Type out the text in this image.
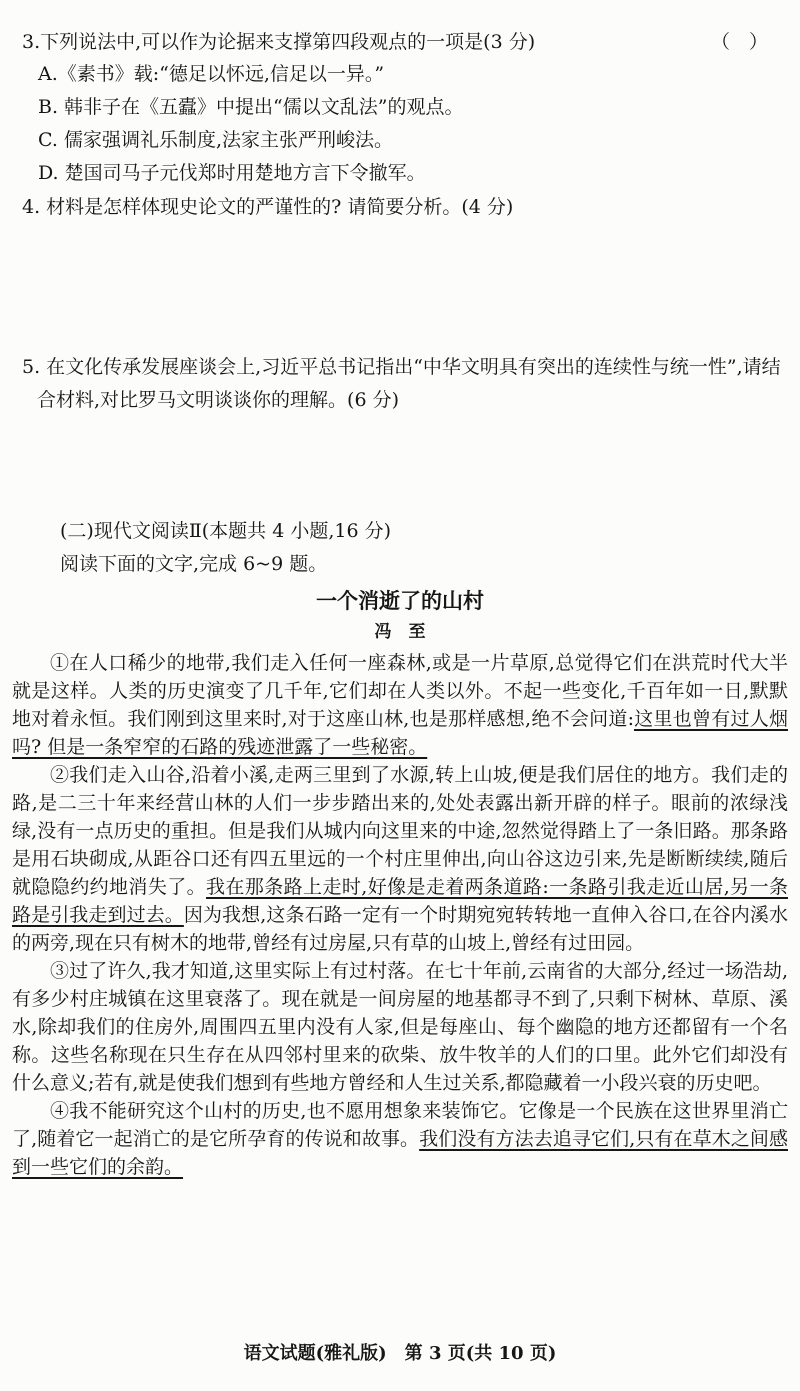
3.下列说法中,可以作为论据来支撑第四段观点的一项是(3 分)	（　）
A.《素书》载:“德足以怀远,信足以一异。”
B. 韩非子在《五蠹》中提出“儒以文乱法”的观点。
C. 儒家强调礼乐制度,法家主张严刑峻法。
D. 楚国司马子元伐郑时用楚地方言下令撤军。
4. 材料是怎样体现史论文的严谨性的? 请简要分析。(4 分)
5. 在文化传承发展座谈会上,习近平总书记指出“中华文明具有突出的连续性与统一性”,请结合材料,对比罗马文明谈谈你的理解。(6 分)
(二)现代文阅读Ⅱ(本题共 4 小题,16 分)
阅读下面的文字,完成 6~9 题。
一个消逝了的山村
冯　至

①在人口稀少的地带,我们走入任何一座森林,或是一片草原,总觉得它们在洪荒时代大半就是这样。人类的历史演变了几千年,它们却在人类以外。不起一些变化,千百年如一日,默默地对着永恒。我们刚到这里来时,对于这座山林,也是那样感想,绝不会问道:这里也曾有过人烟吗? 但是一条窄窄的石路的残迹泄露了一些秘密。

②我们走入山谷,沿着小溪,走两三里到了水源,转上山坡,便是我们居住的地方。我们走的路,是二三十年来经营山林的人们一步步踏出来的,处处表露出新开辟的样子。眼前的浓绿浅绿,没有一点历史的重担。但是我们从城内向这里来的中途,忽然觉得踏上了一条旧路。那条路是用石块砌成,从距谷口还有四五里远的一个村庄里伸出,向山谷这边引来,先是断断续续,随后就隐隐约约地消失了。我在那条路上走时,好像是走着两条道路:一条路引我走近山居,另一条路是引我走到过去。因为我想,这条石路一定有一个时期宛宛转转地一直伸入谷口,在谷内溪水的两旁,现在只有树木的地带,曾经有过房屋,只有草的山坡上,曾经有过田园。

③过了许久,我才知道,这里实际上有过村落。在七十年前,云南省的大部分,经过一场浩劫,有多少村庄城镇在这里衰落了。现在就是一间房屋的地基都寻不到了,只剩下树林、草原、溪水,除却我们的住房外,周围四五里内没有人家,但是每座山、每个幽隐的地方还都留有一个名称。这些名称现在只生存在从四邻村里来的砍柴、放牛牧羊的人们的口里。此外它们却没有什么意义;若有,就是使我们想到有些地方曾经和人生过关系,都隐藏着一小段兴衰的历史吧。

④我不能研究这个山村的历史,也不愿用想象来装饰它。它像是一个民族在这世界里消亡了,随着它一起消亡的是它所孕育的传说和故事。我们没有方法去追寻它们,只有在草木之间感到一些它们的余韵。

语文试题(雅礼版)　第 3 页(共 10 页)
